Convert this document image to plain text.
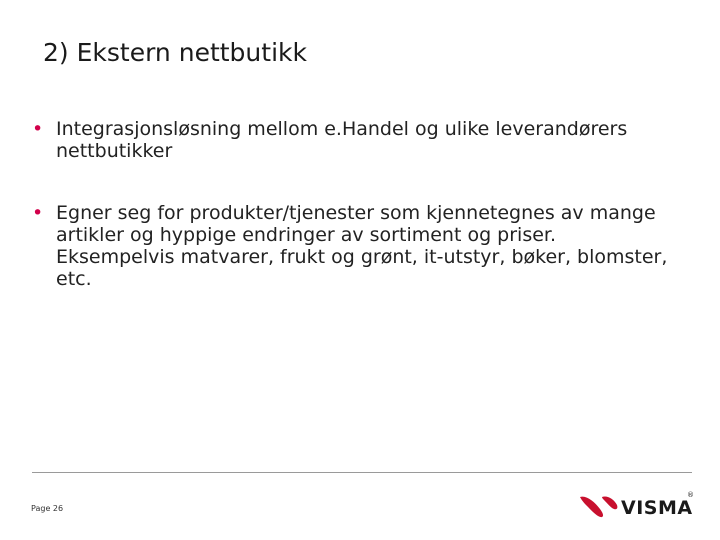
2) Ekstern nettbutikk
• Integrasjonsløsning mellom e.Handel og ulike leverandørers nettbutikker
• Egner seg for produkter/tjenester som kjennetegnes av mange artikler og hyppige endringer av sortiment og priser. Eksempelvis matvarer, frukt og grønt, it-utstyr, bøker, blomster, etc.
Page 26	VISMA
®
